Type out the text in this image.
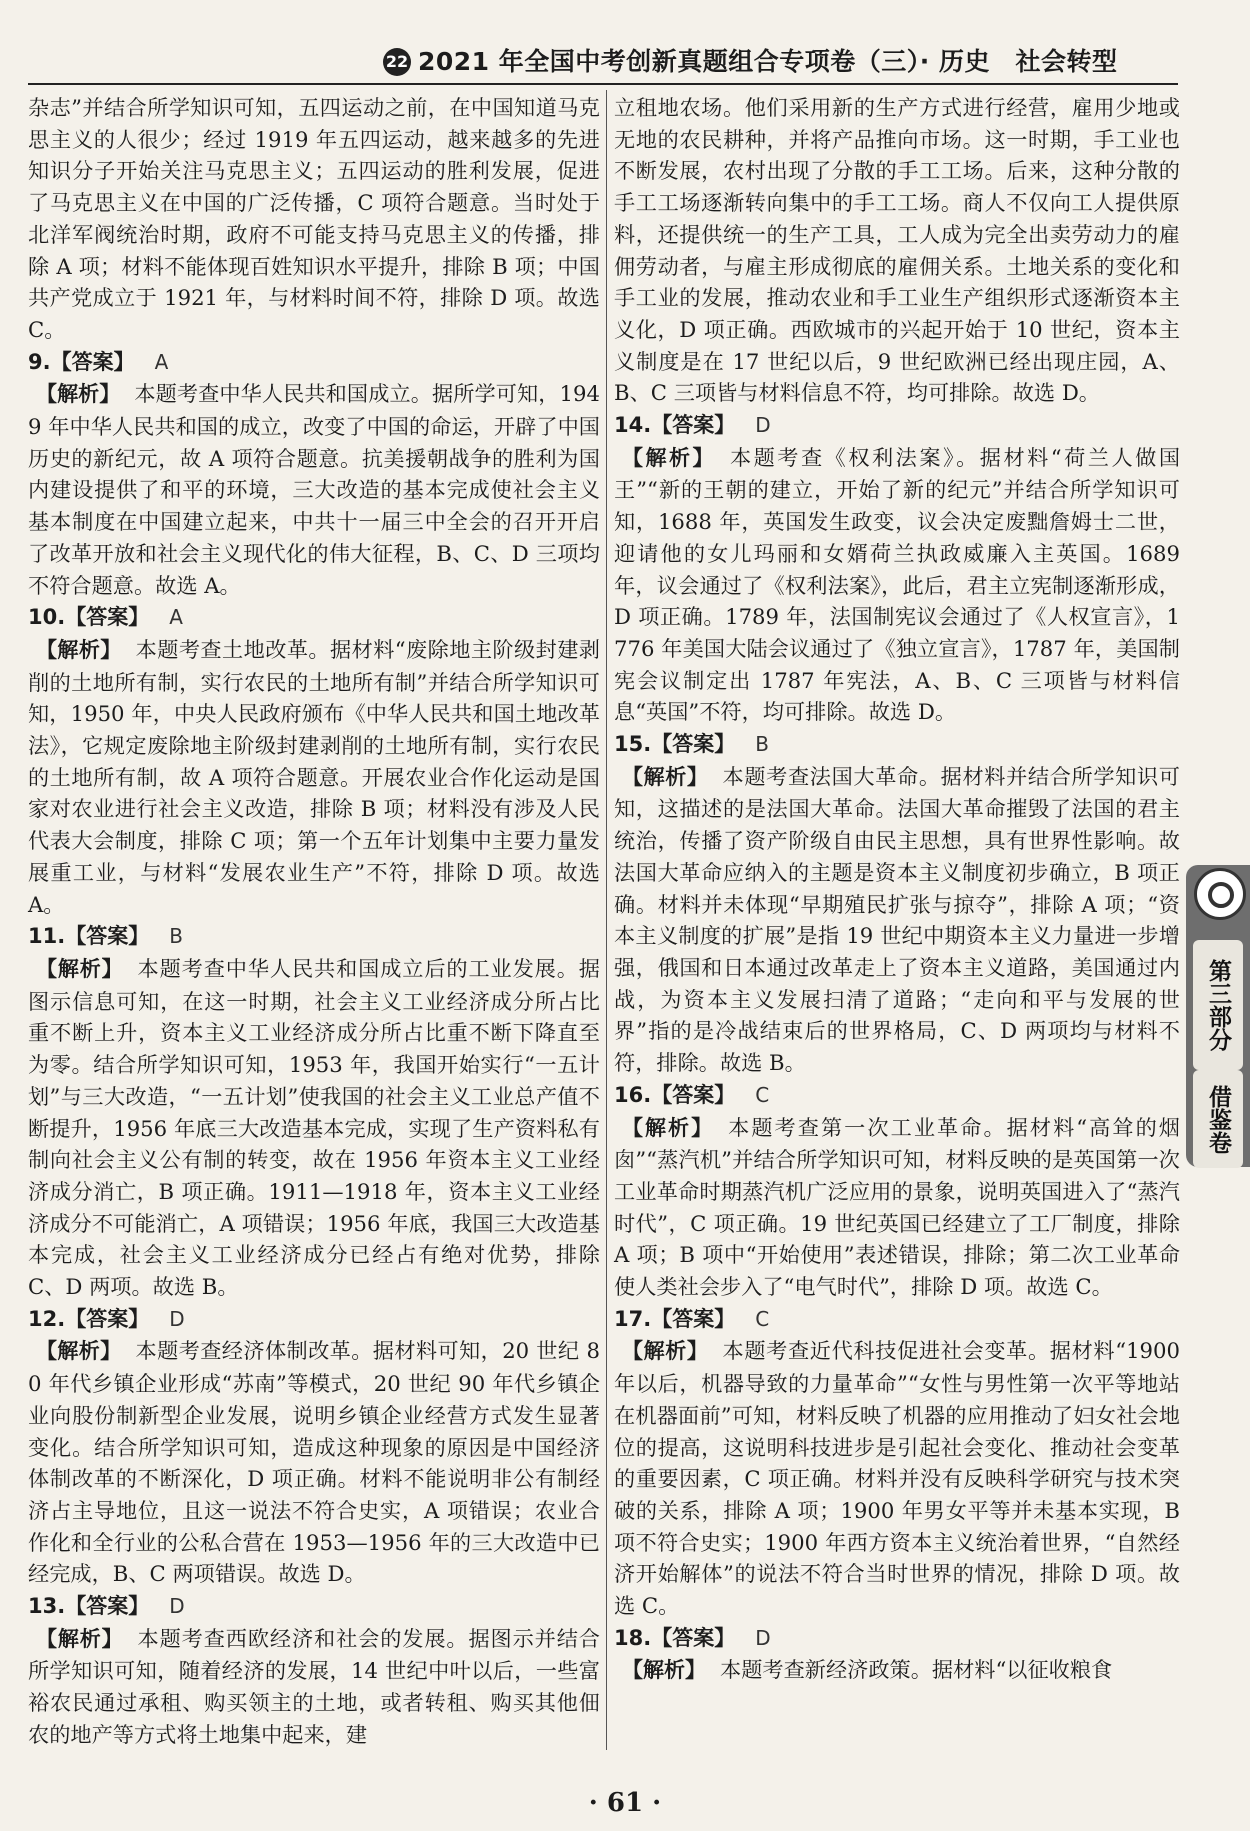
22 2021 年全国中考创新真题组合专项卷（三）· 历史　社会转型

杂志”并结合所学知识可知，五四运动之前，在中国知道马克思主义的人很少；经过 1919 年五四运动，越来越多的先进知识分子开始关注马克思主义；五四运动的胜利发展，促进了马克思主义在中国的广泛传播，C 项符合题意。当时处于北洋军阀统治时期，政府不可能支持马克思主义的传播，排除 A 项；材料不能体现百姓知识水平提升，排除 B 项；中国共产党成立于 1921 年，与材料时间不符，排除 D 项。故选 C。

9.【答案】 A

【解析】 本题考查中华人民共和国成立。据所学可知，1949 年中华人民共和国的成立，改变了中国的命运，开辟了中国历史的新纪元，故 A 项符合题意。抗美援朝战争的胜利为国内建设提供了和平的环境，三大改造的基本完成使社会主义基本制度在中国建立起来，中共十一届三中全会的召开开启了改革开放和社会主义现代化的伟大征程，B、C、D 三项均不符合题意。故选 A。

10.【答案】 A

【解析】 本题考查土地改革。据材料“废除地主阶级封建剥削的土地所有制，实行农民的土地所有制”并结合所学知识可知，1950 年，中央人民政府颁布《中华人民共和国土地改革法》，它规定废除地主阶级封建剥削的土地所有制，实行农民的土地所有制，故 A 项符合题意。开展农业合作化运动是国家对农业进行社会主义改造，排除 B 项；材料没有涉及人民代表大会制度，排除 C 项；第一个五年计划集中主要力量发展重工业，与材料“发展农业生产”不符，排除 D 项。故选 A。

11.【答案】 B

【解析】 本题考查中华人民共和国成立后的工业发展。据图示信息可知，在这一时期，社会主义工业经济成分所占比重不断上升，资本主义工业经济成分所占比重不断下降直至为零。结合所学知识可知，1953 年，我国开始实行“一五计划”与三大改造，“一五计划”使我国的社会主义工业总产值不断提升，1956 年底三大改造基本完成，实现了生产资料私有制向社会主义公有制的转变，故在 1956 年资本主义工业经济成分消亡，B 项正确。1911—1918 年，资本主义工业经济成分不可能消亡，A 项错误；1956 年底，我国三大改造基本完成，社会主义工业经济成分已经占有绝对优势，排除 C、D 两项。故选 B。

12.【答案】 D

【解析】 本题考查经济体制改革。据材料可知，20 世纪 80 年代乡镇企业形成“苏南”等模式，20 世纪 90 年代乡镇企业向股份制新型企业发展，说明乡镇企业经营方式发生显著变化。结合所学知识可知，造成这种现象的原因是中国经济体制改革的不断深化，D 项正确。材料不能说明非公有制经济占主导地位，且这一说法不符合史实，A 项错误；农业合作化和全行业的公私合营在 1953—1956 年的三大改造中已经完成，B、C 两项错误。故选 D。

13.【答案】 D

【解析】 本题考查西欧经济和社会的发展。据图示并结合所学知识可知，随着经济的发展，14 世纪中叶以后，一些富裕农民通过承租、购买领主的土地，或者转租、购买其他佃农的地产等方式将土地集中起来，建

立租地农场。他们采用新的生产方式进行经营，雇用少地或无地的农民耕种，并将产品推向市场。这一时期，手工业也不断发展，农村出现了分散的手工工场。后来，这种分散的手工工场逐渐转向集中的手工工场。商人不仅向工人提供原料，还提供统一的生产工具，工人成为完全出卖劳动力的雇佣劳动者，与雇主形成彻底的雇佣关系。土地关系的变化和手工业的发展，推动农业和手工业生产组织形式逐渐资本主义化，D 项正确。西欧城市的兴起开始于 10 世纪，资本主义制度是在 17 世纪以后，9 世纪欧洲已经出现庄园，A、B、C 三项皆与材料信息不符，均可排除。故选 D。

14.【答案】 D

【解析】 本题考查《权利法案》。据材料“荷兰人做国王”“新的王朝的建立，开始了新的纪元”并结合所学知识可知，1688 年，英国发生政变，议会决定废黜詹姆士二世，迎请他的女儿玛丽和女婿荷兰执政威廉入主英国。1689 年，议会通过了《权利法案》，此后，君主立宪制逐渐形成，D 项正确。1789 年，法国制宪议会通过了《人权宣言》，1776 年美国大陆会议通过了《独立宣言》，1787 年，美国制宪会议制定出 1787 年宪法，A、B、C 三项皆与材料信息“英国”不符，均可排除。故选 D。

15.【答案】 B

【解析】 本题考查法国大革命。据材料并结合所学知识可知，这描述的是法国大革命。法国大革命摧毁了法国的君主统治，传播了资产阶级自由民主思想，具有世界性影响。故法国大革命应纳入的主题是资本主义制度初步确立，B 项正确。材料并未体现“早期殖民扩张与掠夺”，排除 A 项；“资本主义制度的扩展”是指 19 世纪中期资本主义力量进一步增强，俄国和日本通过改革走上了资本主义道路，美国通过内战，为资本主义发展扫清了道路；“走向和平与发展的世界”指的是冷战结束后的世界格局，C、D 两项均与材料不符，排除。故选 B。

16.【答案】 C

【解析】 本题考查第一次工业革命。据材料“高耸的烟囱”“蒸汽机”并结合所学知识可知，材料反映的是英国第一次工业革命时期蒸汽机广泛应用的景象，说明英国进入了“蒸汽时代”，C 项正确。19 世纪英国已经建立了工厂制度，排除 A 项；B 项中“开始使用”表述错误，排除；第二次工业革命使人类社会步入了“电气时代”，排除 D 项。故选 C。

17.【答案】 C

【解析】 本题考查近代科技促进社会变革。据材料“1900 年以后，机器导致的力量革命”“女性与男性第一次平等地站在机器面前”可知，材料反映了机器的应用推动了妇女社会地位的提高，这说明科技进步是引起社会变化、推动社会变革的重要因素，C 项正确。材料并没有反映科学研究与技术突破的关系，排除 A 项；1900 年男女平等并未基本实现，B 项不符合史实；1900 年西方资本主义统治着世界，“自然经济开始解体”的说法不符合当时世界的情况，排除 D 项。故选 C。

18.【答案】 D

【解析】 本题考查新经济政策。据材料“以征收粮食

第三部分
借鉴卷
· 61 ·
